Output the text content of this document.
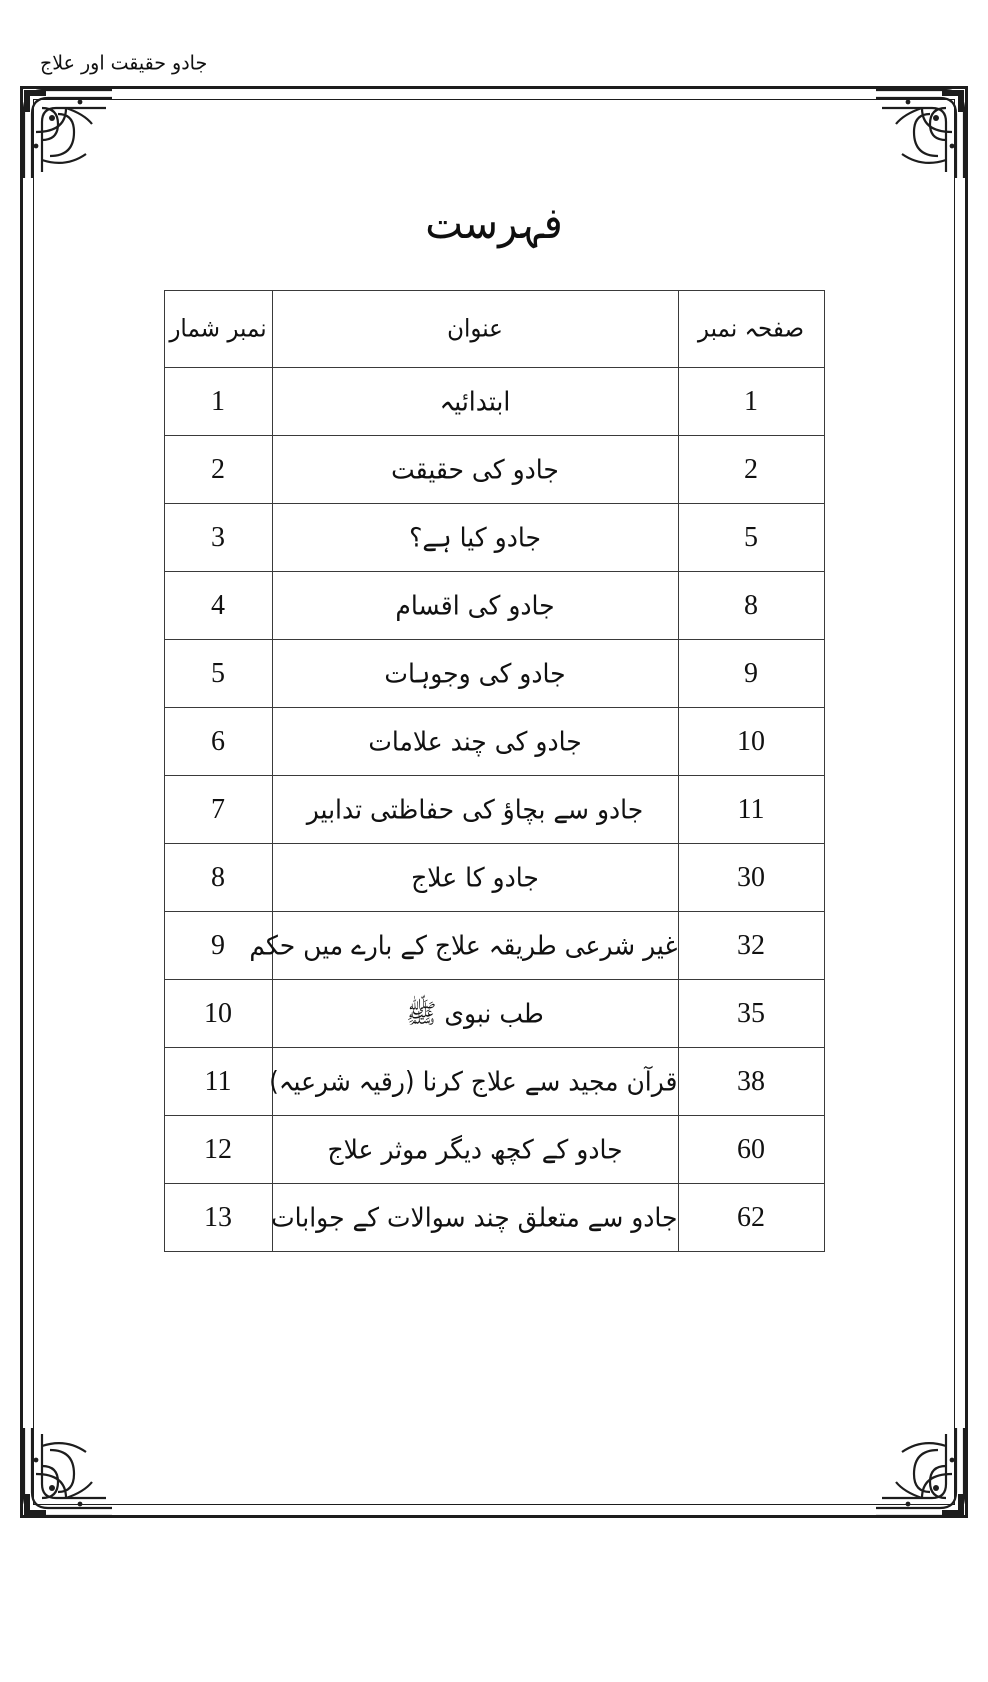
جادو حقیقت اور علاج
فہرست
صفحہ نمبر	عنوان	نمبر شمار
1	ابتدائیہ	1
2	جادو کی حقیقت	2
5	جادو کیا ہے؟	3
8	جادو کی اقسام	4
9	جادو کی وجوہات	5
10	جادو کی چند علامات	6
11	جادو سے بچاؤ کی حفاظتی تدابیر	7
30	جادو کا علاج	8
32	غیر شرعی طریقہ علاج کے بارے میں حکم	9
35	طب نبوی ﷺ	10
38	قرآن مجید سے علاج کرنا (رقیہ شرعیہ)	11
60	جادو کے کچھ دیگر موثر علاج	12
62	جادو سے متعلق چند سوالات کے جوابات	13
